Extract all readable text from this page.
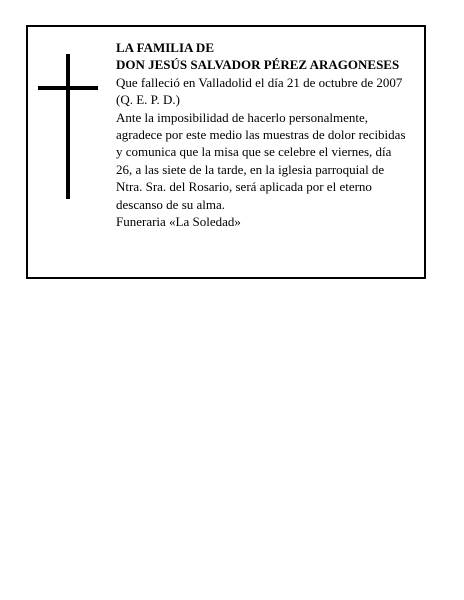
LA FAMILIA DE
DON JESÚS SALVADOR PÉREZ ARAGONESES
Que falleció en Valladolid el día 21 de octubre de 2007
(Q. E. P. D.)
Ante la imposibilidad de hacerlo personalmente,
agradece por este medio las muestras de dolor recibidas
y comunica que la misa que se celebre el viernes, día
26, a las siete de la tarde, en la iglesia parroquial de
Ntra. Sra. del Rosario, será aplicada por el eterno
descanso de su alma.
Funeraria «La Soledad»
